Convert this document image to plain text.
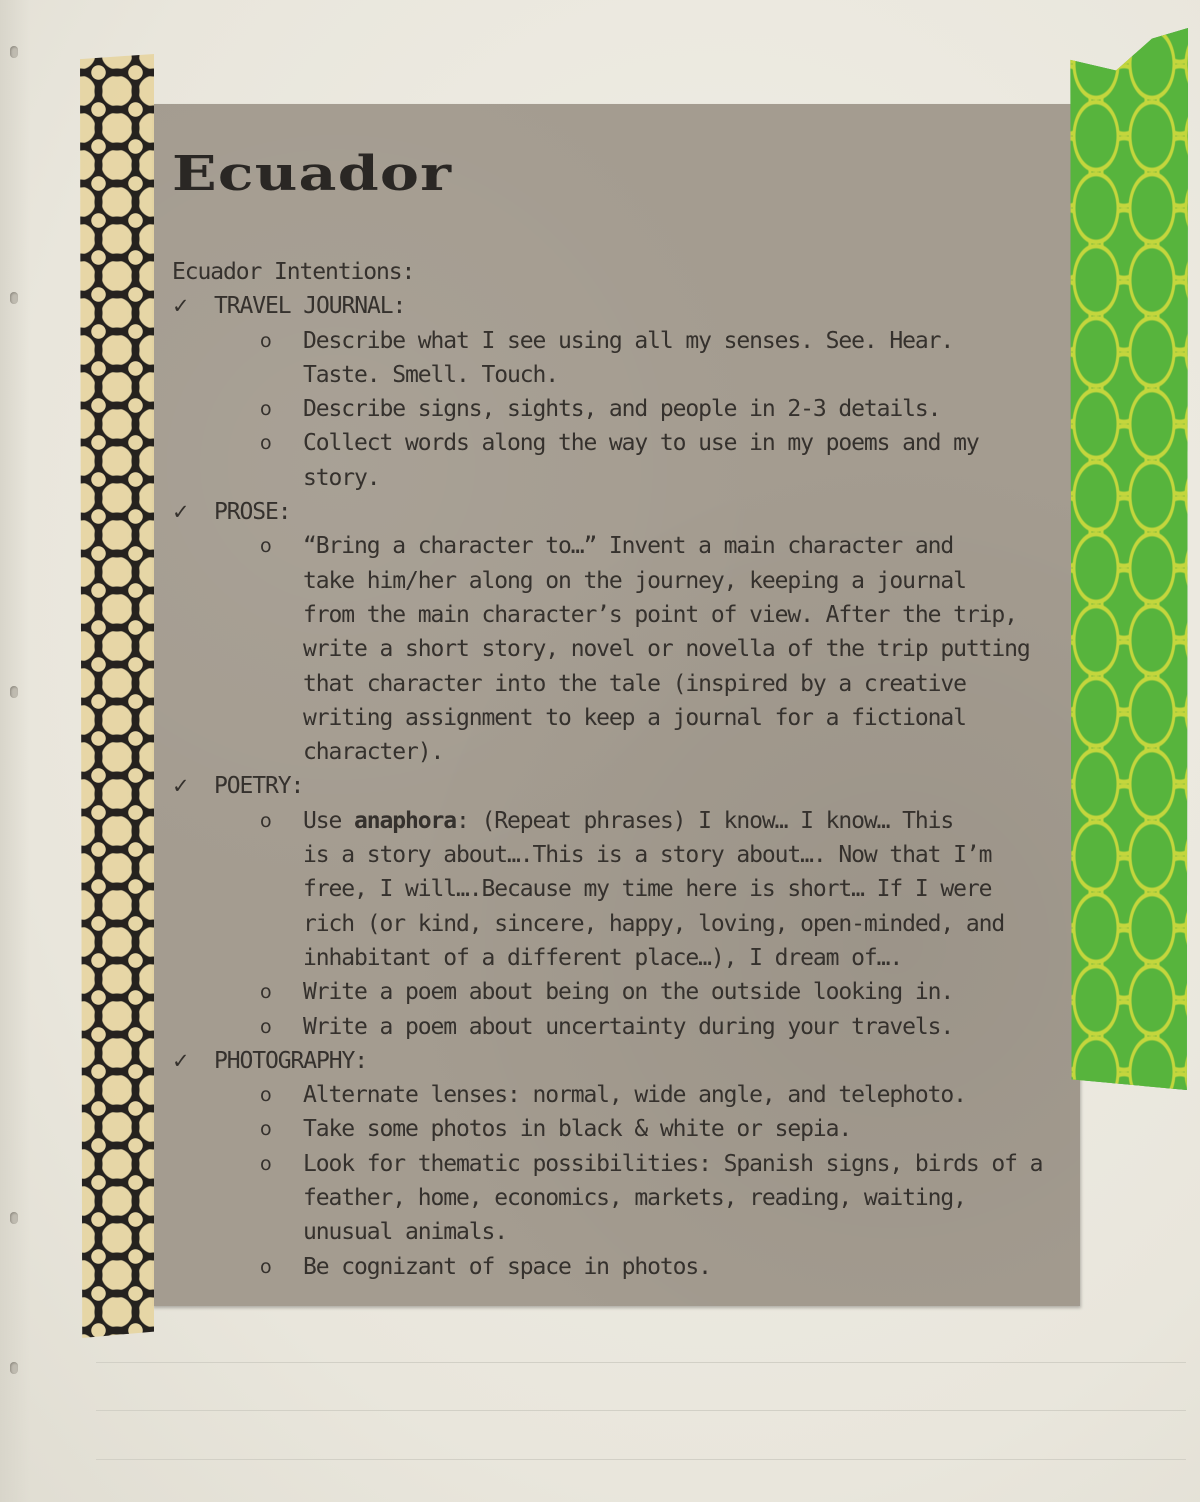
Ecuador

Ecuador Intentions:

✓ TRAVEL JOURNAL:
o Describe what I see using all my senses. See. Hear.
Taste. Smell. Touch.
o Describe signs, sights, and people in 2-3 details.
o Collect words along the way to use in my poems and my
story.
✓ PROSE:
o “Bring a character to…” Invent a main character and
take him/her along on the journey, keeping a journal
from the main character’s point of view. After the trip,
write a short story, novel or novella of the trip putting
that character into the tale (inspired by a creative
writing assignment to keep a journal for a fictional
character).
✓ POETRY:
o Use anaphora: (Repeat phrases) I know… I know… This
is a story about….This is a story about…. Now that I’m
free, I will….Because my time here is short… If I were
rich (or kind, sincere, happy, loving, open-minded, and
inhabitant of a different place…), I dream of….
o Write a poem about being on the outside looking in.
o Write a poem about uncertainty during your travels.
✓ PHOTOGRAPHY:
o Alternate lenses: normal, wide angle, and telephoto.
o Take some photos in black & white or sepia.
o Look for thematic possibilities: Spanish signs, birds of a
feather, home, economics, markets, reading, waiting,
unusual animals.
o Be cognizant of space in photos.
